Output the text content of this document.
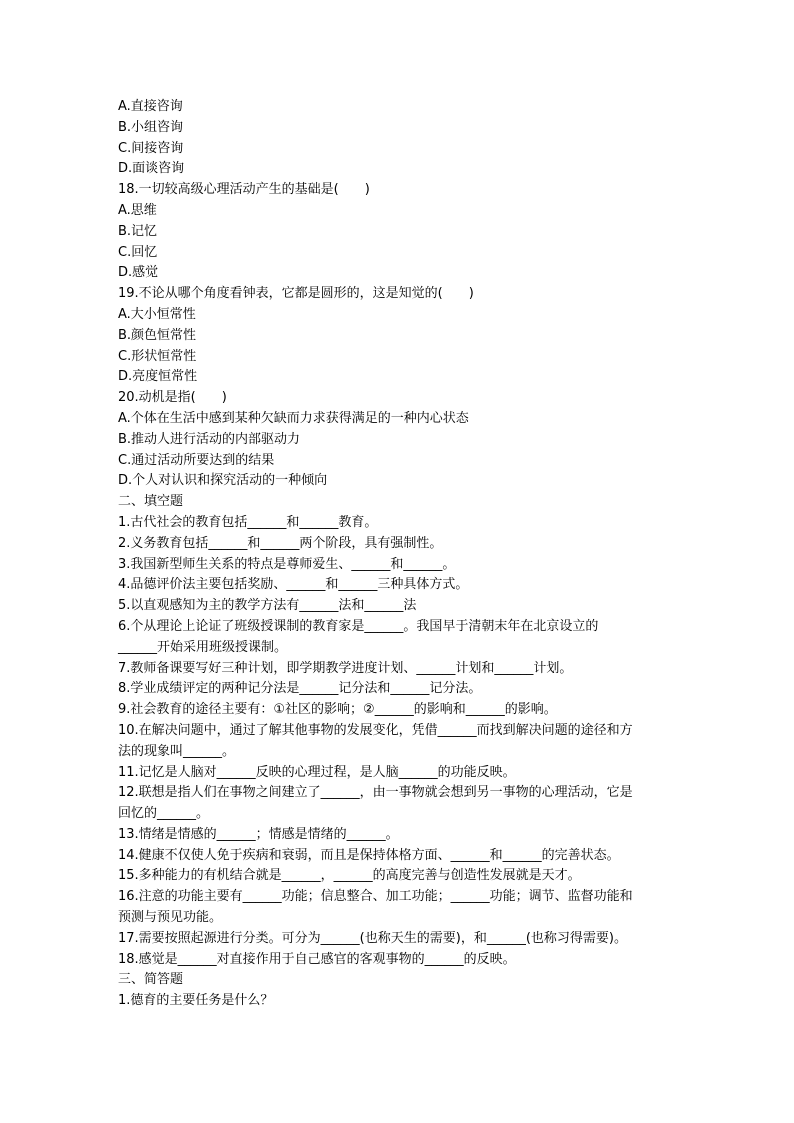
A.直接咨询

B.小组咨询

C.间接咨询

D.面谈咨询

18.一切较高级心理活动产生的基础是(　　)

A.思维

B.记忆

C.回忆

D.感觉

19.不论从哪个角度看钟表，它都是圆形的，这是知觉的(　　)

A.大小恒常性

B.颜色恒常性

C.形状恒常性

D.亮度恒常性

20.动机是指(　　)

A.个体在生活中感到某种欠缺而力求获得满足的一种内心状态

B.推动人进行活动的内部驱动力

C.通过活动所要达到的结果

D.个人对认识和探究活动的一种倾向

二、填空题

1.古代社会的教育包括______和______教育。

2.义务教育包括______和______两个阶段，具有强制性。

3.我国新型师生关系的特点是尊师爱生、______和______。

4.品德评价法主要包括奖励、______和______三种具体方式。

5.以直观感知为主的教学方法有______法和______法

6.个从理论上论证了班级授课制的教育家是______。我国早于清朝末年在北京设立的

______开始采用班级授课制。

7.教师备课要写好三种计划，即学期教学进度计划、______计划和______计划。

8.学业成绩评定的两种记分法是______记分法和______记分法。

9.社会教育的途径主要有：①社区的影响；②______的影响和______的影响。

10.在解决问题中，通过了解其他事物的发展变化，凭借______而找到解决问题的途径和方

法的现象叫______。

11.记忆是人脑对______反映的心理过程，是人脑______的功能反映。

12.联想是指人们在事物之间建立了______，由一事物就会想到另一事物的心理活动，它是

回忆的______。

13.情绪是情感的______；情感是情绪的______。

14.健康不仅使人免于疾病和衰弱，而且是保持体格方面、______和______的完善状态。

15.多种能力的有机结合就是______，______的高度完善与创造性发展就是天才。

16.注意的功能主要有______功能；信息整合、加工功能；______功能；调节、监督功能和

预测与预见功能。

17.需要按照起源进行分类。可分为______(也称天生的需要)，和______(也称习得需要)。

18.感觉是______对直接作用于自己感官的客观事物的______的反映。

三、简答题

1.德育的主要任务是什么？
